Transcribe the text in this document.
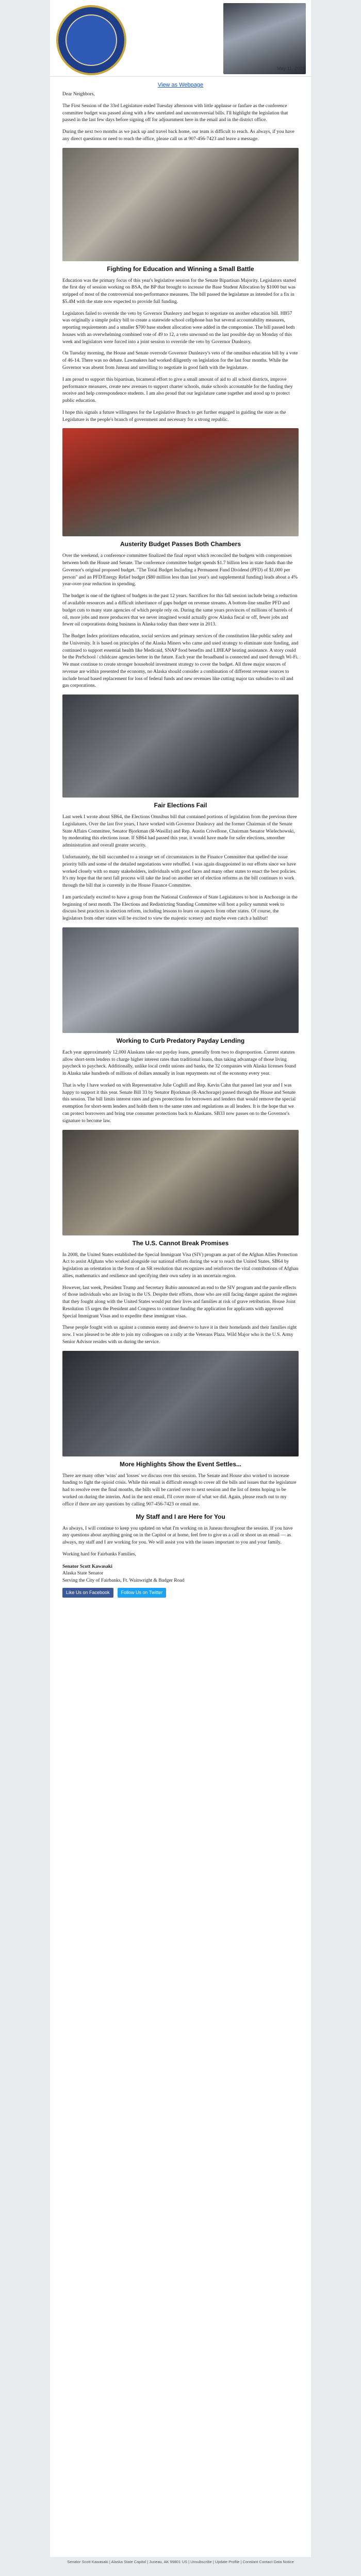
May 11, 2023
View as Webpage

Dear Neighbors,

The First Session of the 33rd Legislature ended Tuesday afternoon with little applause or fanfare as the conference committee budget was passed along with a few unrelated and uncontroversial bills. I'll highlight the legislation that passed in the last few days before signing off for adjournment here in the email and in the district office.

During the next two months as we pack up and travel back home, our team is difficult to reach. As always, if you have any direct questions or need to reach the office, please call us at 907-456-7423 and leave a message.

Fighting for Education and Winning a Small Battle

Education was the primary focus of this year's legislative session for the Senate Bipartisan Majority. Legislators started the first day of session working on BSA, the BP that brought to increase the Base Student Allocation by $1000 but was stripped of most of the controversial non-performance measures. The bill passed the legislature as intended for a fix in $5.4M with the state now expected to provide full funding.

Legislators failed to override the veto by Governor Dunleavy and began to negotiate on another education bill. HB57 was originally a simple policy bill to create a statewide school cellphone ban but several accountability measures, reporting requirements and a smaller $700 base student allocation were added in the compromise. The bill passed both houses with an overwhelming combined vote of 49 to 12, a veto unwound on the last possible day on Monday of this week and legislators were forced into a joint session to override the veto by Governor Dunleavy.

On Tuesday morning, the House and Senate overrode Governor Dunleavy's veto of the omnibus education bill by a vote of 46-14. There was no debate. Lawmakers had worked diligently on legislation for the last four months. While the Governor was absent from Juneau and unwilling to negotiate in good faith with the legislature.

I am proud to support this bipartisan, bicameral effort to give a small amount of aid to all school districts, improve performance measures, create new avenues to support charter schools, make schools accountable for the funding they receive and help correspondence students. I am also proud that our legislature came together and stood up to protect public education.

I hope this signals a future willingness for the Legislative Branch to get further engaged in guiding the state as the Legislature is the people's branch of government and necessary for a strong republic.

Austerity Budget Passes Both Chambers

Over the weekend, a conference committee finalized the final report which reconciled the budgets with compromises between both the House and Senate. The conference committee budget spends $1.7 billion less in state funds than the Governor's original proposed budget. "The Total Budget Including a Permanent Fund Dividend (PFD) of $1,000 per person" and an PFD/Energy Relief budget ($80 million less than last year's and supplemental funding) leads about a 4% year-over-year reduction in spending.

The budget is one of the tightest of budgets in the past 12 years. Sacrifices for this fall session include being a reduction of available resources and a difficult inheritance of gaps budget on revenue streams. A bottom-line smaller PFD and budget cuts to many state agencies of which people rely on. During the same years provinces of millions of barrels of oil, more jobs and more producers that we never imagined would actually grow Alaska fiscal or off, fewer jobs and fewer oil corporations doing business in Alaska today than there were in 2013.

The Budget Index prioritizes education, social services and primary services of the constitution like public safety and the University. It is based on principles of the Alaska Miners who came and used strategy to eliminate state funding, and continued to support essential health like Medicaid, SNAP food benefits and LIHEAP heating assistance. A story could be the PreSchool / childcare agencies better in the future. Each year the broadband is connected and used through Wi-Fi. We must continue to create stronger household investment strategy to cover the budget. All three major sources of revenue are within presented the economy, no Alaska should consider a combination of different revenue sources to include broad based replacement for loss of federal funds and new revenues like cutting major tax subsidies to oil and gas corporations.

Fair Elections Fail

Last week I wrote about SB64, the Elections Omnibus bill that contained portions of legislation from the previous three Legislatures. Over the last five years, I have worked with Governor Dunleavy and the former Chairman of the Senate State Affairs Committee, Senator Bjorkman (R-Wasilla) and Rep. Austin Crivellone, Chairman Senator Wielechowski, by moderating this elections issue. If SB64 had passed this year, it would have made for safer elections, smoother administration and overall greater security.

Unfortunately, the bill succumbed to a strange set of circumstances in the Finance Committee that spelled the issue priority bills and some of the detailed negotiations were rebuffed. I was again disappointed in our efforts since we have worked closely with so many stakeholders, individuals with good faces and many other states to enact the best policies. It's my hope that the next fall process will take the lead on another set of election reforms as the bill continues to work through the bill that is currently in the House Finance Committee.

I am particularly excited to have a group from the National Conference of State Legislatures to host in Anchorage in the beginning of next month. The Elections and Redistricting Standing Committee will host a policy summit week to discuss best practices in election reform, including lessons to learn on aspects from other states. Of course, the legislators from other states will be excited to view the majestic scenery and maybe even catch a halibut!

Working to Curb Predatory Payday Lending

Each year approximately 12,000 Alaskans take out payday loans, generally from two to disproportion. Current statutes allow short-term lenders to charge higher interest rates than traditional loans, thus taking advantage of those living paycheck to paycheck. Additionally, unlike local credit unions and banks, the 32 companies with Alaska licenses found in Alaska take hundreds of millions of dollars annually in loan repayments out of the economy every year.

That is why I have worked on with Representative Julie Coghill and Rep. Kevin Cahn that passed last year and I was happy to support it this year. Senate Bill 33 by Senator Bjorkman (R-Anchorage) passed through the House and Senate this session. The bill limits interest rates and gives protections for borrowers and lenders that would remove the special exemption for short-term lenders and holds them to the same rates and regulations as all lenders. It is the hope that we can protect borrowers and bring true consumer protections back to Alaskans. SB33 now passes on to the Governor's signature to become law.

The U.S. Cannot Break Promises

In 2008, the United States established the Special Immigrant Visa (SIV) program as part of the Afghan Allies Protection Act to assist Afghans who worked alongside our national efforts during the war to reach the United States. SB64 by legislation an orientation in the form of an SR resolution that recognizes and reinforces the vital contributions of Afghan allies, mathematics and resilience and specifying their own safety in an uncertain region.

However, last week, President Trump and Secretary Rubio announced an end to the SIV program and the parole effects of those individuals who are living in the US. Despite their efforts, those who are still facing danger against the regimes that they fought along with the United States would put their lives and families at risk of grave retribution. House Joint Resolution 15 urges the President and Congress to continue funding the application for applicants with approved Special Immigrant Visas and to expedite these immigrant visas.

These people fought with us against a common enemy and deserve to have it in their homelands and their families right now. I was pleased to be able to join my colleagues on a rally at the Veterans Plaza. Wild Major who is the U.S. Army Senior Advisor resides with us during the service.

More Highlights Show the Event Settles...

There are many other 'wins' and 'losses' we discuss over this session. The Senate and House also worked to increase funding to fight the opioid crisis. While this email is difficult enough to cover all the bills and issues that the legislature had to resolve over the final months, the bills will be carried over to next session and the list of items hoping to be worked on during the interim. And in the next email, I'll cover more of what we did. Again, please reach out to my office if there are any questions by calling 907-456-7423 or email me.

My Staff and I are Here for You

As always, I will continue to keep you updated on what I'm working on in Juneau throughout the session. If you have any questions about anything going on in the Capitol or at home, feel free to give us a call or shoot us an email — as always, my staff and I are working for you. We will assist you with the issues important to you and your family.

Working hard for Fairbanks Families,
Senator Scott Kawasaki
Alaska State Senator
Serving the City of Fairbanks, Ft. Wainwright & Badger Road
Like Us on Facebook	Follow Us on Twitter

Senator Scott Kawasaki | Alaska State Capitol | Juneau, AK 99801 US | Unsubscribe | Update Profile | Constant Contact Data Notice
